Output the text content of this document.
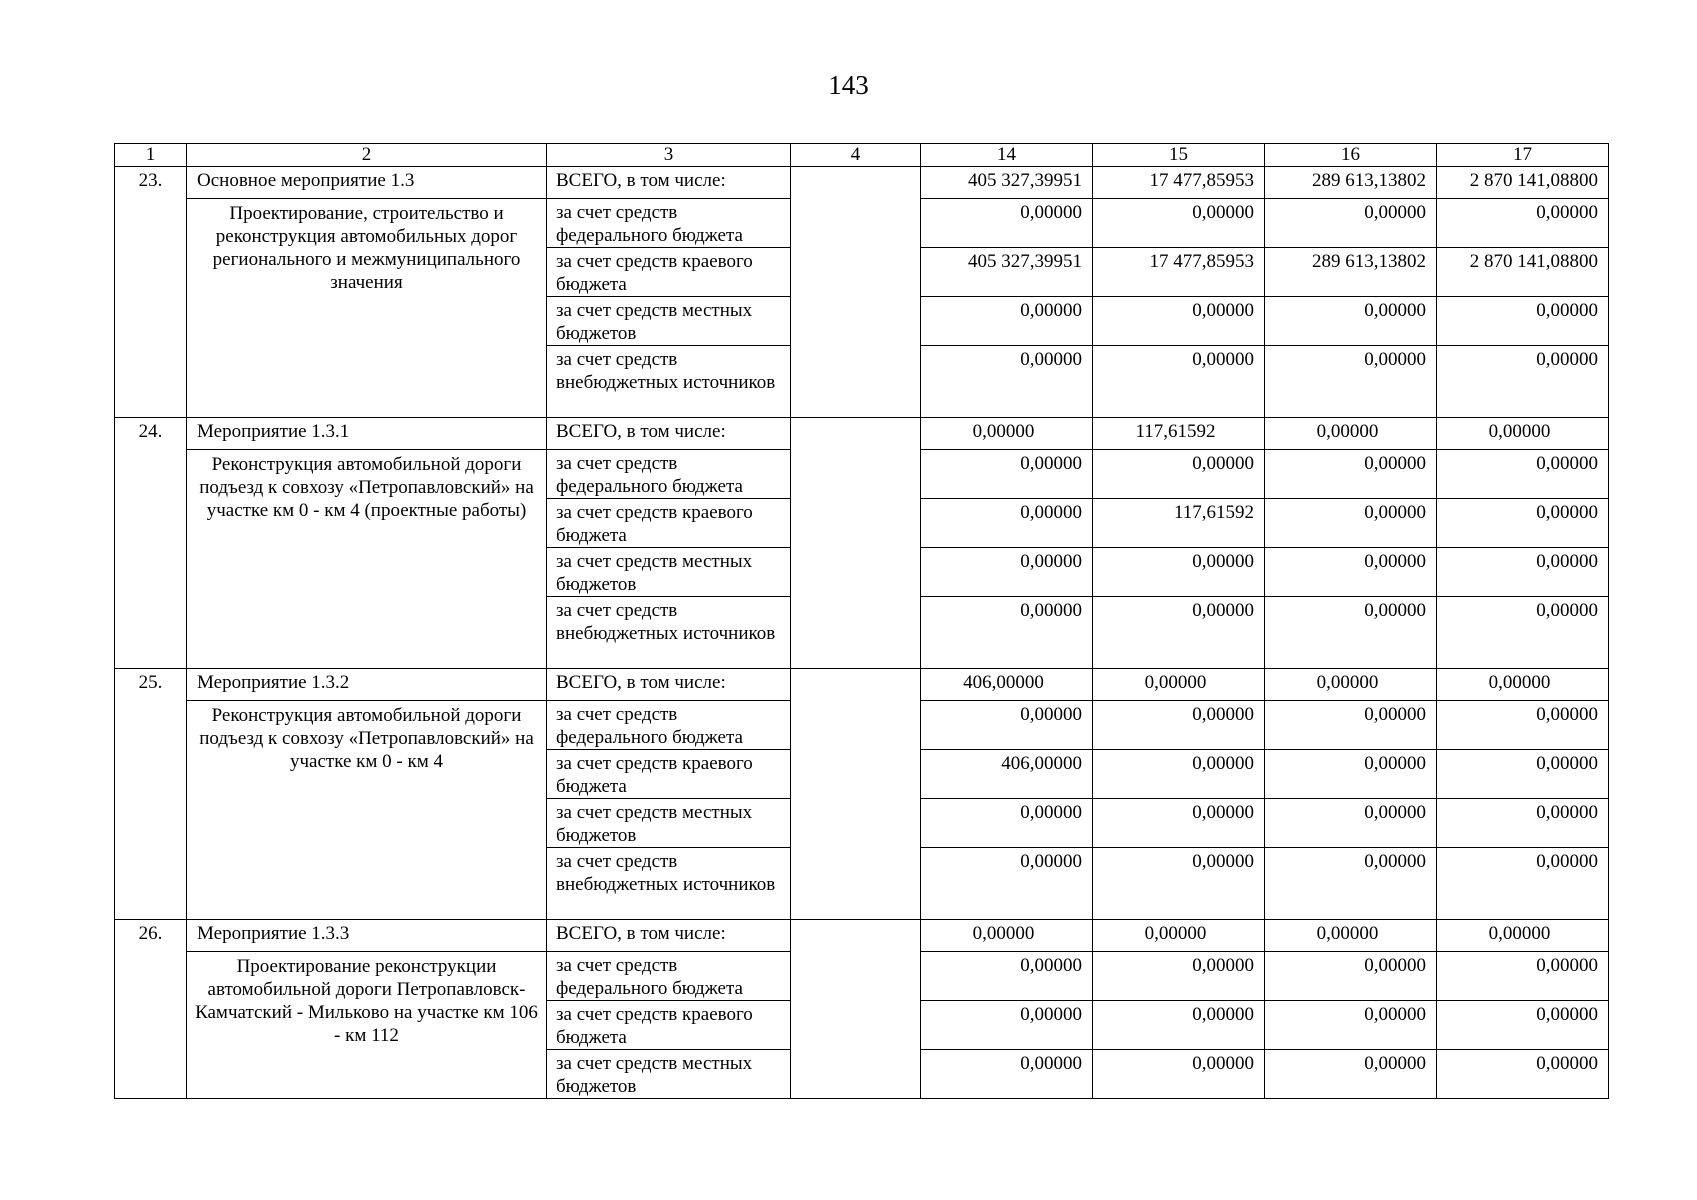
143
1	2	3	4	14	15	16	17
23.	Основное мероприятие 1.3	ВСЕГО, в том числе:		405 327,39951	17 477,85953	289 613,13802	2 870 141,08800
	Проектирование, строительство и реконструкция автомобильных дорог регионального и межмуниципального значения	за счет средств федерального бюджета		0,00000	0,00000	0,00000	0,00000
		за счет средств краевого бюджета		405 327,39951	17 477,85953	289 613,13802	2 870 141,08800
		за счет средств местных бюджетов		0,00000	0,00000	0,00000	0,00000
		за счет средств внебюджетных источников		0,00000	0,00000	0,00000	0,00000
24.	Мероприятие 1.3.1	ВСЕГО, в том числе:		0,00000	117,61592	0,00000	0,00000
	Реконструкция автомобильной дороги подъезд к совхозу «Петропавловский» на участке км 0 - км 4 (проектные работы)	за счет средств федерального бюджета		0,00000	0,00000	0,00000	0,00000
		за счет средств краевого бюджета		0,00000	117,61592	0,00000	0,00000
		за счет средств местных бюджетов		0,00000	0,00000	0,00000	0,00000
		за счет средств внебюджетных источников		0,00000	0,00000	0,00000	0,00000
25.	Мероприятие 1.3.2	ВСЕГО, в том числе:		406,00000	0,00000	0,00000	0,00000
	Реконструкция автомобильной дороги подъезд к совхозу «Петропавловский» на участке км 0 - км 4	за счет средств федерального бюджета		0,00000	0,00000	0,00000	0,00000
		за счет средств краевого бюджета		406,00000	0,00000	0,00000	0,00000
		за счет средств местных бюджетов		0,00000	0,00000	0,00000	0,00000
		за счет средств внебюджетных источников		0,00000	0,00000	0,00000	0,00000
26.	Мероприятие 1.3.3	ВСЕГО, в том числе:		0,00000	0,00000	0,00000	0,00000
	Проектирование реконструкции автомобильной дороги Петропавловск-Камчатский - Мильково на участке км 106 - км 112	за счет средств федерального бюджета		0,00000	0,00000	0,00000	0,00000
		за счет средств краевого бюджета		0,00000	0,00000	0,00000	0,00000
		за счет средств местных бюджетов		0,00000	0,00000	0,00000	0,00000
